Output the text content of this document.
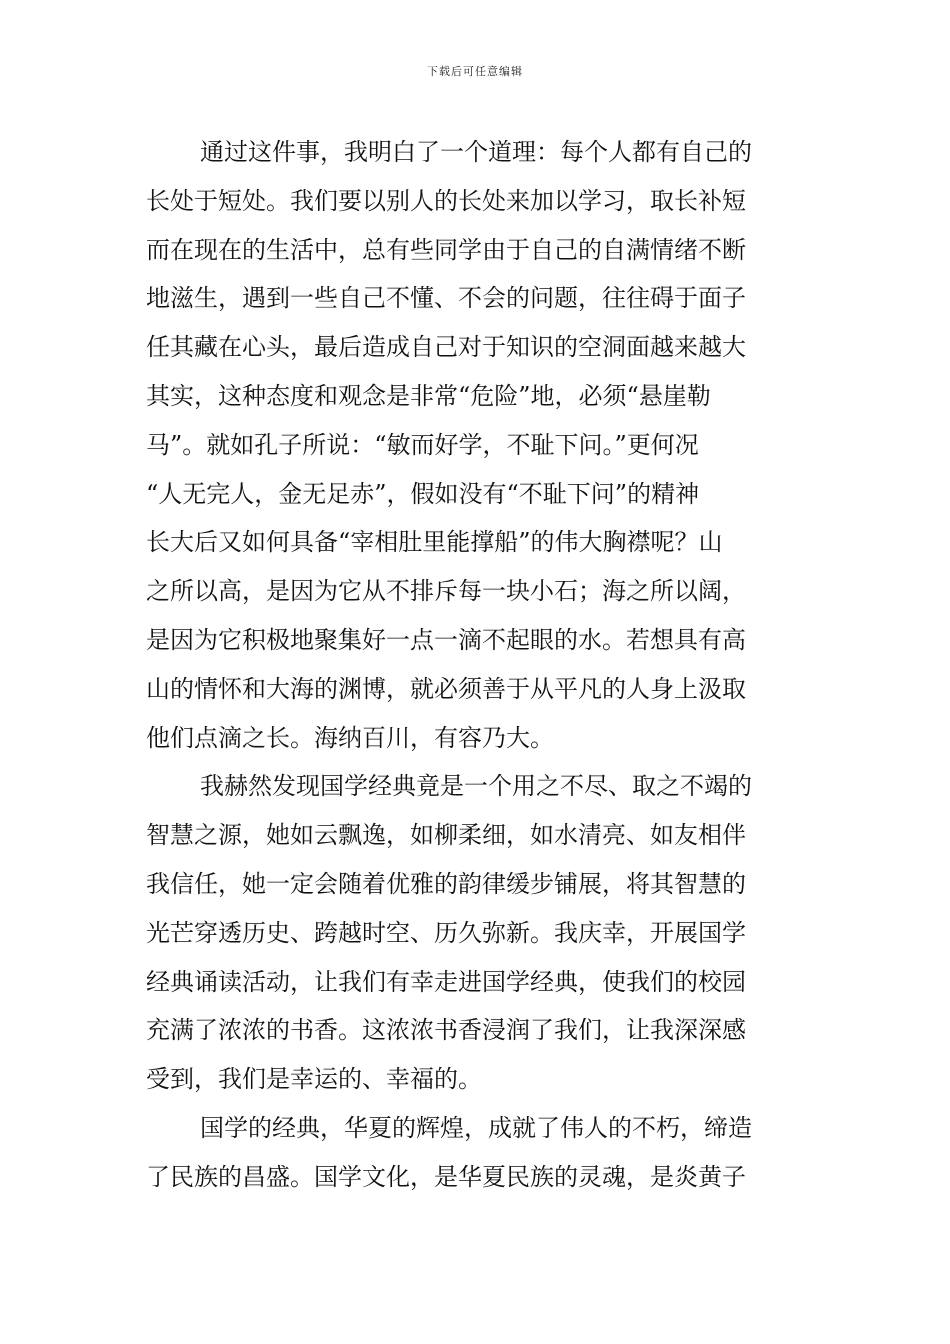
下载后可任意编辑
通过这件事，我明白了一个道理：每个人都有自己的
长处于短处。我们要以别人的长处来加以学习，取长补短
而在现在的生活中，总有些同学由于自己的自满情绪不断
地滋生，遇到一些自己不懂、不会的问题，往往碍于面子
任其藏在心头，最后造成自己对于知识的空洞面越来越大
其实，这种态度和观念是非常“危险”地，必须“悬崖勒
马”。就如孔子所说：“敏而好学，不耻下问。”更何况
“人无完人，金无足赤”，假如没有“不耻下问”的精神
长大后又如何具备“宰相肚里能撑船”的伟大胸襟呢？山
之所以高，是因为它从不排斥每一块小石；海之所以阔，
是因为它积极地聚集好一点一滴不起眼的水。若想具有高
山的情怀和大海的渊博，就必须善于从平凡的人身上汲取
他们点滴之长。海纳百川，有容乃大。
我赫然发现国学经典竟是一个用之不尽、取之不竭的
智慧之源，她如云飘逸，如柳柔细，如水清亮、如友相伴
我信任，她一定会随着优雅的韵律缓步铺展，将其智慧的
光芒穿透历史、跨越时空、历久弥新。我庆幸，开展国学
经典诵读活动，让我们有幸走进国学经典，使我们的校园
充满了浓浓的书香。这浓浓书香浸润了我们，让我深深感
受到，我们是幸运的、幸福的。
国学的经典，华夏的辉煌，成就了伟人的不朽，缔造
了民族的昌盛。国学文化，是华夏民族的灵魂，是炎黄子
